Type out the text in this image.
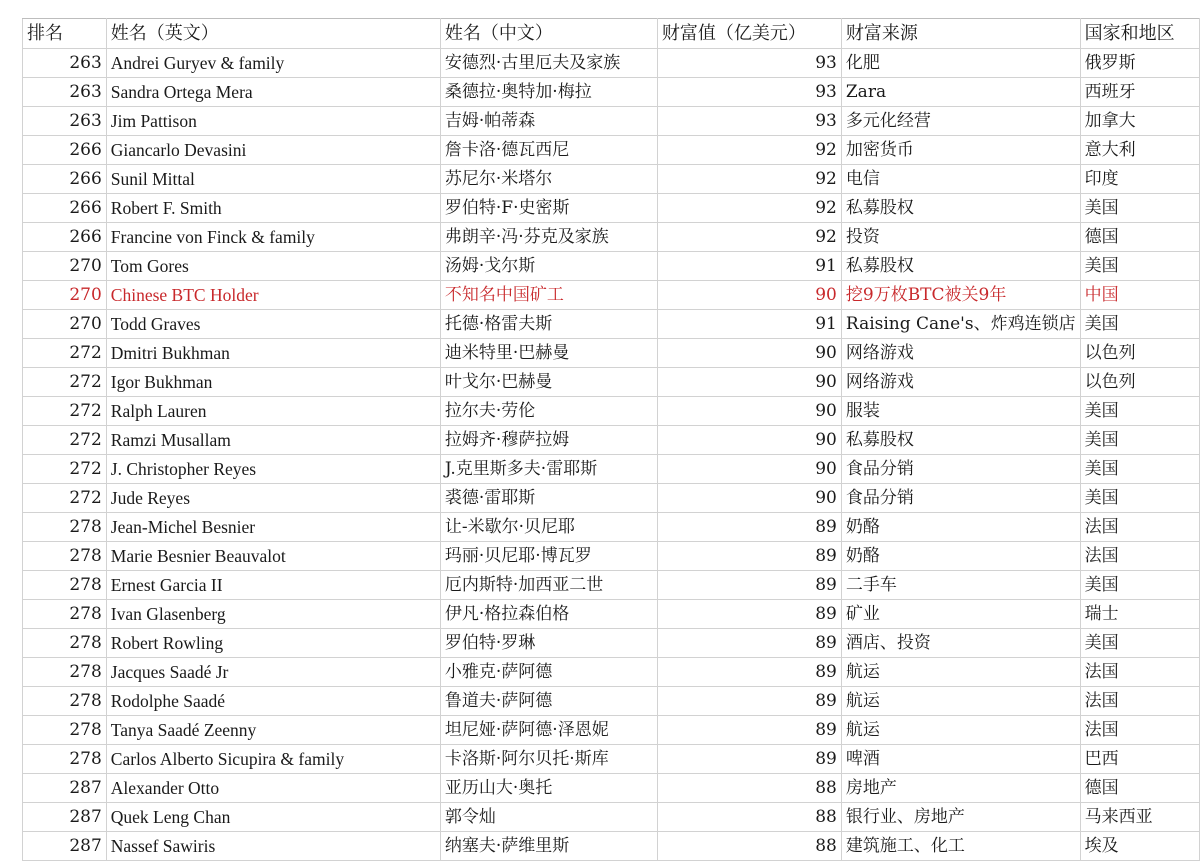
排名	姓名（英文）	姓名（中文）	财富值（亿美元）	财富来源	国家和地区
263	Andrei Guryev & family	安德烈·古里厄夫及家族	93	化肥	俄罗斯
263	Sandra Ortega Mera	桑德拉·奥特加·梅拉	93	Zara	西班牙
263	Jim Pattison	吉姆·帕蒂森	93	多元化经营	加拿大
266	Giancarlo Devasini	詹卡洛·德瓦西尼	92	加密货币	意大利
266	Sunil Mittal	苏尼尔·米塔尔	92	电信	印度
266	Robert F. Smith	罗伯特·F·史密斯	92	私募股权	美国
266	Francine von Finck & family	弗朗辛·冯·芬克及家族	92	投资	德国
270	Tom Gores	汤姆·戈尔斯	91	私募股权	美国
270	Chinese BTC Holder	不知名中国矿工	90	挖9万枚BTC被关9年	中国
270	Todd Graves	托德·格雷夫斯	91	Raising Cane's、炸鸡连锁店	美国
272	Dmitri Bukhman	迪米特里·巴赫曼	90	网络游戏	以色列
272	Igor Bukhman	叶戈尔·巴赫曼	90	网络游戏	以色列
272	Ralph Lauren	拉尔夫·劳伦	90	服装	美国
272	Ramzi Musallam	拉姆齐·穆萨拉姆	90	私募股权	美国
272	J. Christopher Reyes	J.克里斯多夫·雷耶斯	90	食品分销	美国
272	Jude Reyes	裘德·雷耶斯	90	食品分销	美国
278	Jean-Michel Besnier	让-米歇尔·贝尼耶	89	奶酪	法国
278	Marie Besnier Beauvalot	玛丽·贝尼耶·博瓦罗	89	奶酪	法国
278	Ernest Garcia II	厄内斯特·加西亚二世	89	二手车	美国
278	Ivan Glasenberg	伊凡·格拉森伯格	89	矿业	瑞士
278	Robert Rowling	罗伯特·罗琳	89	酒店、投资	美国
278	Jacques Saadé Jr	小雅克·萨阿德	89	航运	法国
278	Rodolphe Saadé	鲁道夫·萨阿德	89	航运	法国
278	Tanya Saadé Zeenny	坦尼娅·萨阿德·泽恩妮	89	航运	法国
278	Carlos Alberto Sicupira & family	卡洛斯·阿尔贝托·斯库	89	啤酒	巴西
287	Alexander Otto	亚历山大·奥托	88	房地产	德国
287	Quek Leng Chan	郭令灿	88	银行业、房地产	马来西亚
287	Nassef Sawiris	纳塞夫·萨维里斯	88	建筑施工、化工	埃及
